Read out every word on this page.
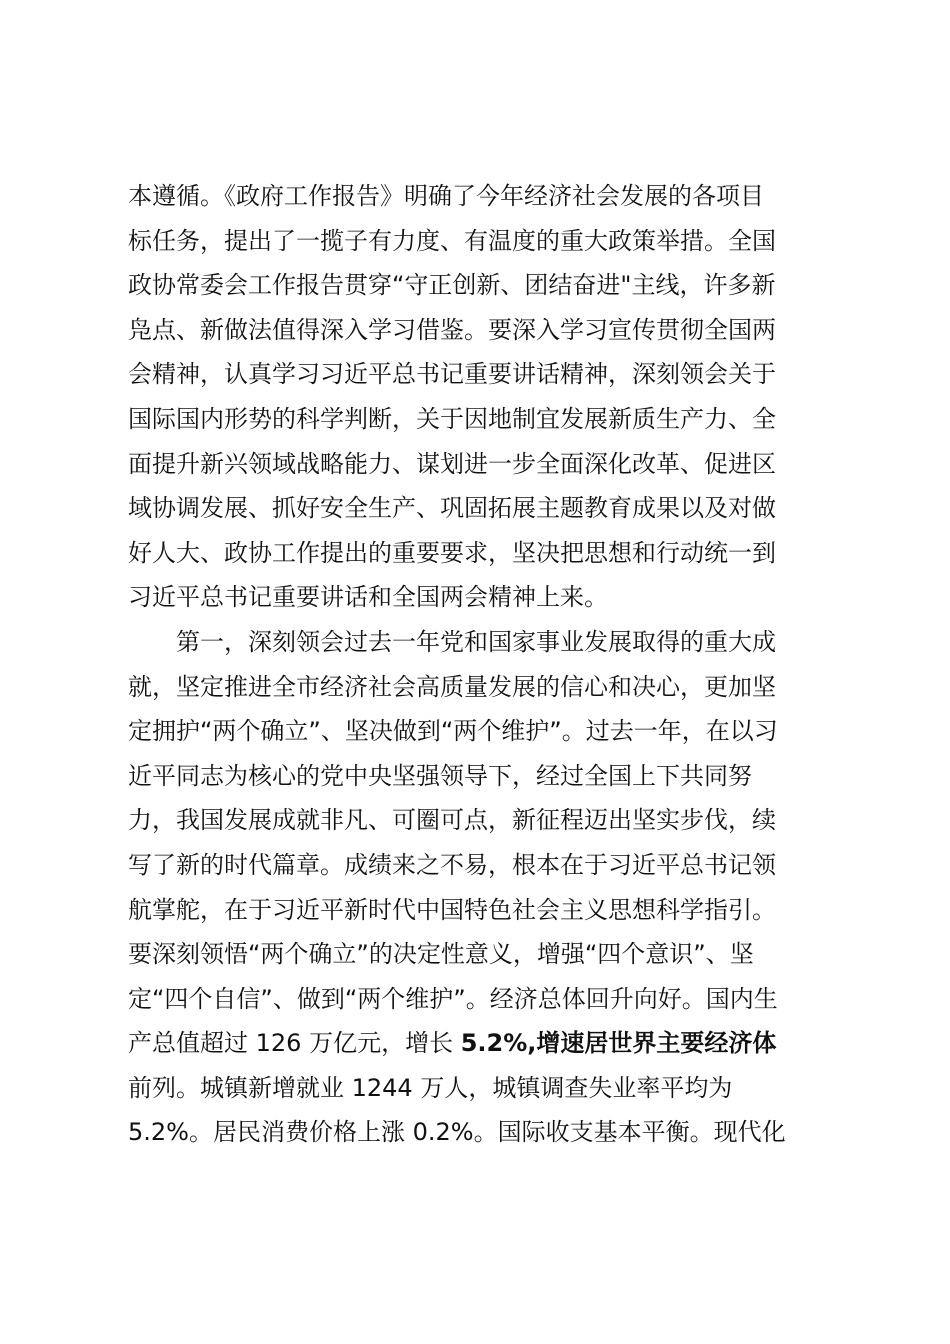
本遵循。《政府工作报告》明确了今年经济社会发展的各项目
标任务，提出了一揽子有力度、有温度的重大政策举措。全国
政协常委会工作报告贯穿“守正创新、团结奋进"主线，许多新
凫点、新做法值得深入学习借鉴。要深入学习宣传贯彻全国两
会精神，认真学习习近平总书记重要讲话精神，深刻领会关于
国际国内形势的科学判断，关于因地制宜发展新质生产力、全
面提升新兴领域战略能力、谋划进一步全面深化改革、促进区
域协调发展、抓好安全生产、巩固拓展主题教育成果以及对做
好人大、政协工作提出的重要要求，坚决把思想和行动统一到
习近平总书记重要讲话和全国两会精神上来。
第一，深刻领会过去一年党和国家事业发展取得的重大成
就，坚定推进全市经济社会高质量发展的信心和决心，更加坚
定拥护“两个确立”、坚决做到“两个维护”。过去一年，在以习
近平同志为核心的党中央坚强领导下，经过全国上下共同努
力，我国发展成就非凡、可圈可点，新征程迈出坚实步伐，续
写了新的时代篇章。成绩来之不易，根本在于习近平总书记领
航掌舵，在于习近平新时代中国特色社会主义思想科学指引。
要深刻领悟“两个确立”的决定性意义，增强“四个意识”、坚
定“四个自信”、做到“两个维护”。经济总体回升向好。国内生
产总值超过 126 万亿元，增长 5.2%,增速居世界主要经济体
前列。城镇新增就业 1244 万人，城镇调查失业率平均为
5.2%。居民消费价格上涨 0.2%。国际收支基本平衡。现代化
